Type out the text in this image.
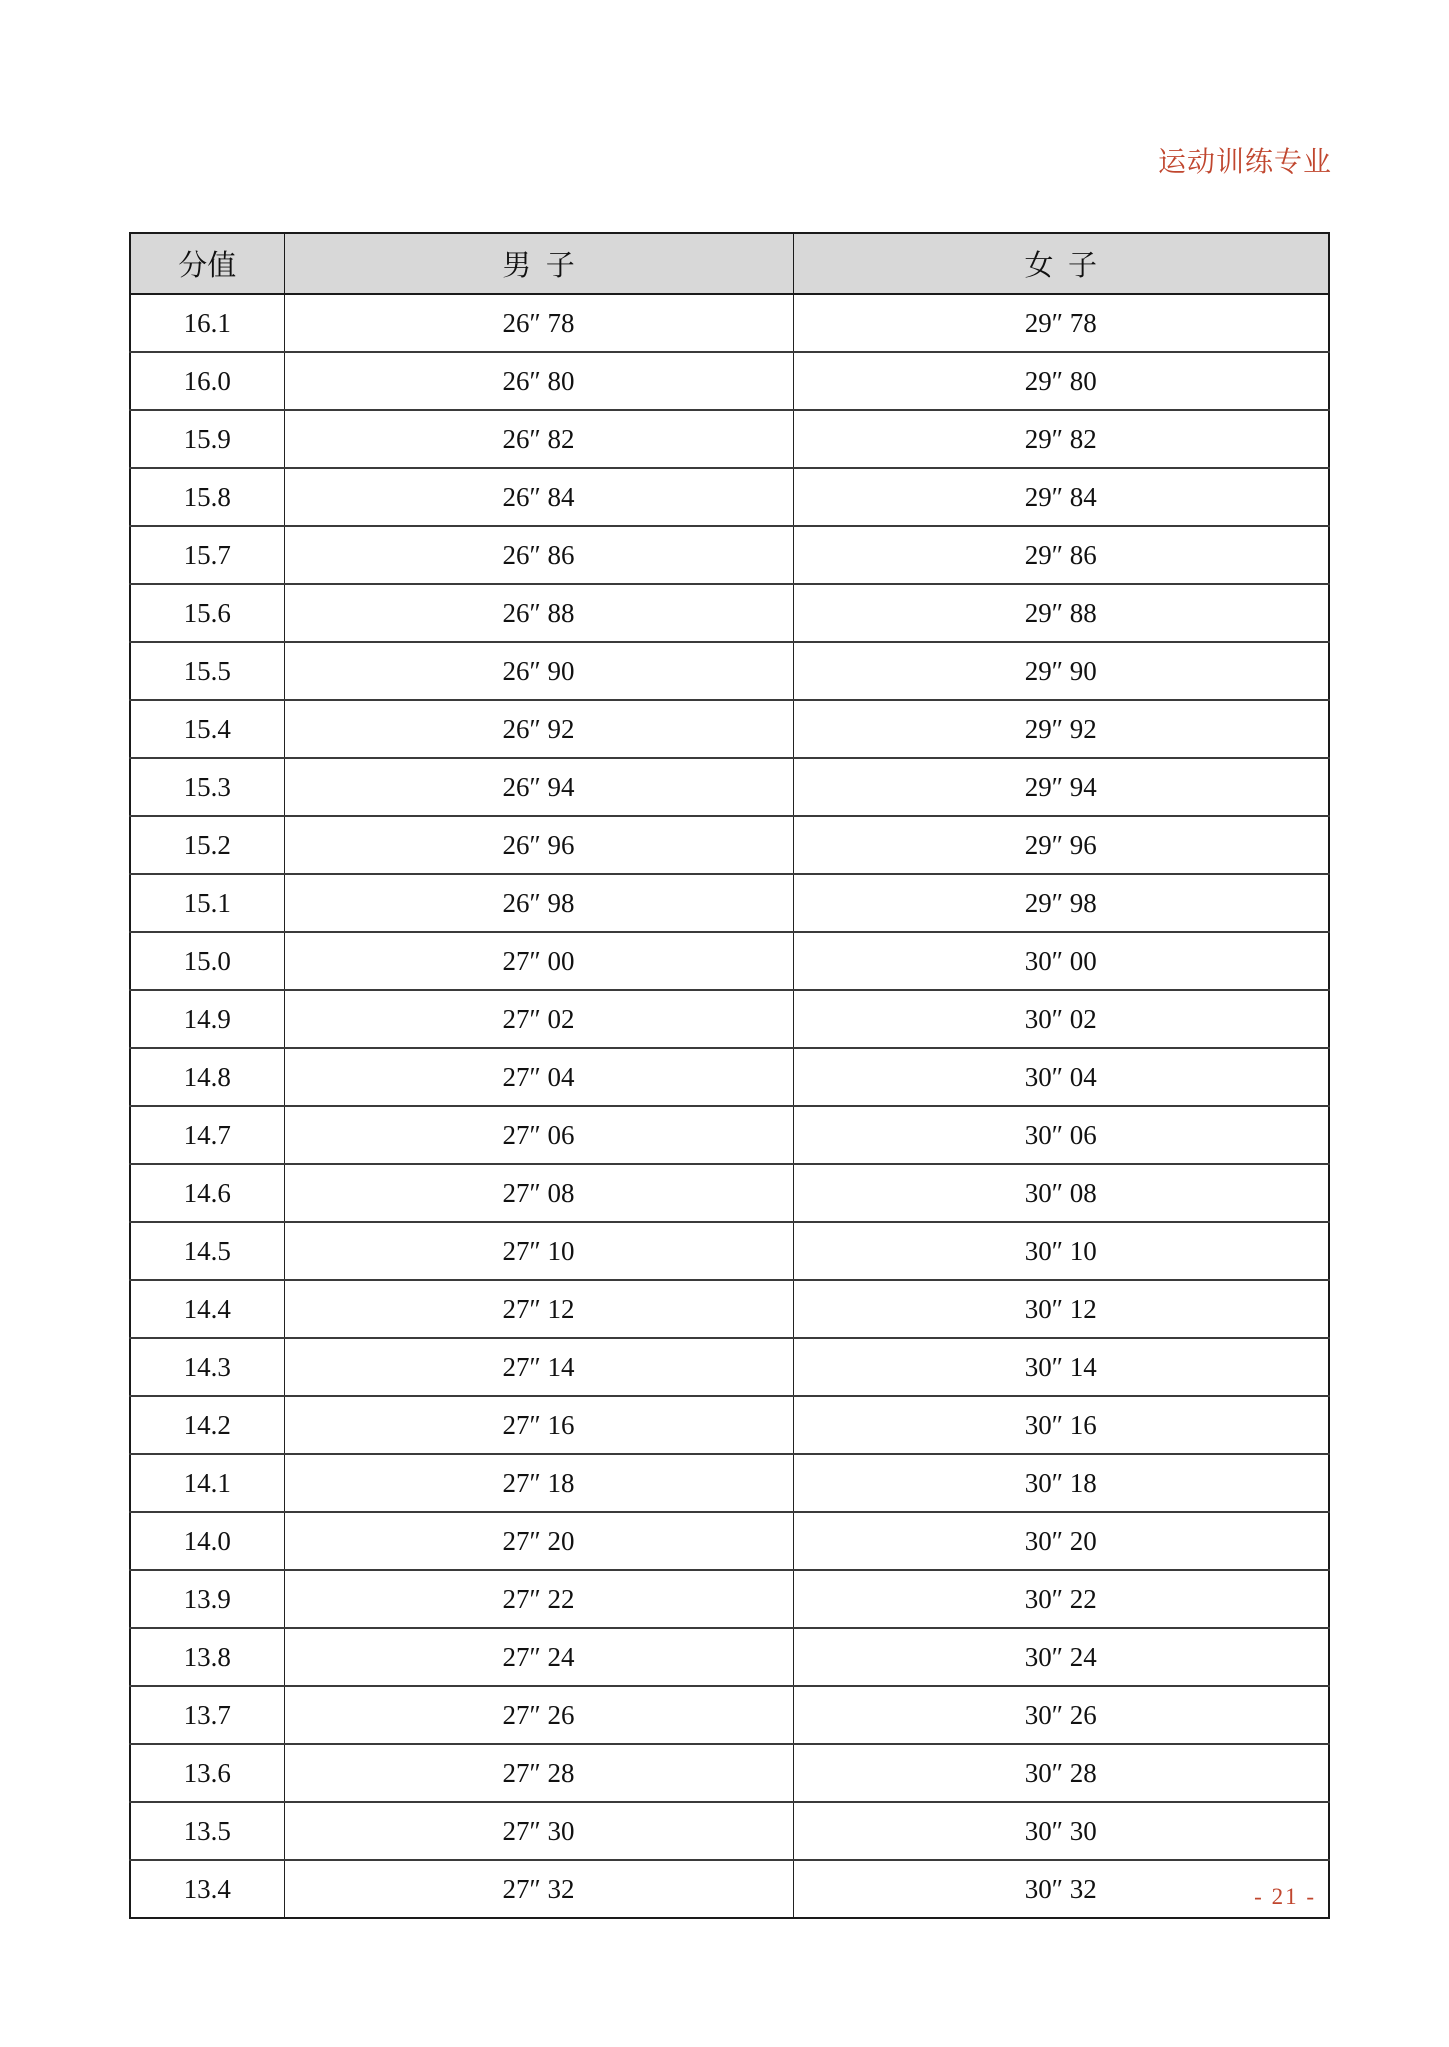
运动训练专业
分值	男  子	女  子
16.1	26″ 78	29″ 78
16.0	26″ 80	29″ 80
15.9	26″ 82	29″ 82
15.8	26″ 84	29″ 84
15.7	26″ 86	29″ 86
15.6	26″ 88	29″ 88
15.5	26″ 90	29″ 90
15.4	26″ 92	29″ 92
15.3	26″ 94	29″ 94
15.2	26″ 96	29″ 96
15.1	26″ 98	29″ 98
15.0	27″ 00	30″ 00
14.9	27″ 02	30″ 02
14.8	27″ 04	30″ 04
14.7	27″ 06	30″ 06
14.6	27″ 08	30″ 08
14.5	27″ 10	30″ 10
14.4	27″ 12	30″ 12
14.3	27″ 14	30″ 14
14.2	27″ 16	30″ 16
14.1	27″ 18	30″ 18
14.0	27″ 20	30″ 20
13.9	27″ 22	30″ 22
13.8	27″ 24	30″ 24
13.7	27″ 26	30″ 26
13.6	27″ 28	30″ 28
13.5	27″ 30	30″ 30
13.4	27″ 32	30″ 32	- 21 -
